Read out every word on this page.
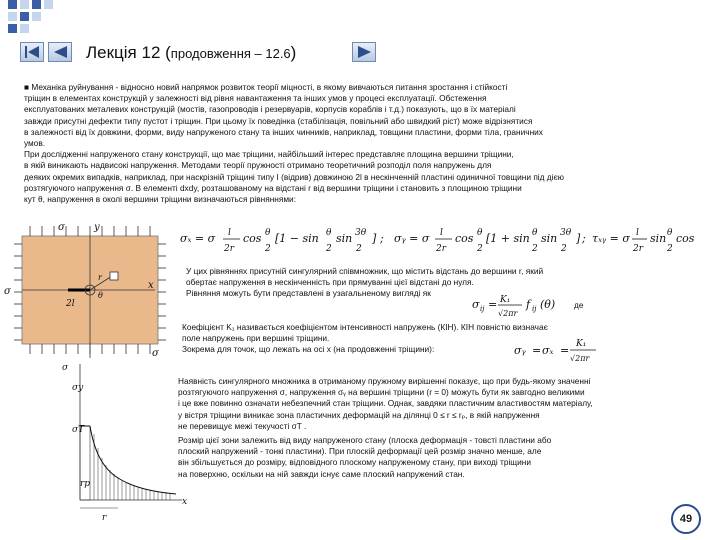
Лекція 12 (продовження – 12.6)
■ Механіка руйнування - відносно новий напрямок розвиток теорії міцності, в якому вивчаються питання зростання і стійкості
тріщин в елементах конструкцій у залежності від рівня навантаження та інших умов у процесі експлуатації. Обстеження
експлуатованих металевих конструкцій (мостів, газопроводів і резервуарів, корпусів кораблів і т.д.) показують, що в їх матеріалі
завжди присутні дефекти типу пустот і тріщин. При цьому їх поведінка (стабілізація, повільний або швидкий ріст) може відрізнятися
в залежності від їх довжини, форми, виду напруженого стану та інших чинників, наприклад, товщини пластини, форми тіла, граничних
умов.
При дослідженні напруженого стану конструкції, що має тріщини, найбільший інтерес представляє площина вершини тріщини,
в якій виникають надвисокі напруження. Методами теорії пружності отримано теоретичний розподіл поля напружень для
деяких окремих випадків, наприклад, при наскрізній тріщині типу I (відрив) довжиною 2l в нескінченній пластині одиничної товщини під дією
розтягуючого напруження σ. В елементі dxdy, розташованому на відстані r від вершини тріщини і становить з площиною тріщини
кут θ, напруження в околі вершини тріщини визначаються рівняннями:
σₓ = σ l
2r
cos θ
2
[1 − sin θ
2
sin 3θ
2
] ; σᵧ = σ l
2r
cos θ
2
[1 + sin θ
2
sin 3θ
2
] ; τₓᵧ = σ l
2r
sin θ
2
cos
σ	y
σ
x
r
θ
2l
σ
У цих рівняннях присутній сингулярний співмножник, що містить відстань до вершини r, який
обертає напруження в нескінченність при прямуванні цієї відстані до нуля.
Рівняння можуть бути представлені в узагальненому вигляді як
σ ij = K₁
√2πr
f ij (θ) де
Коефіцієнт K₁ називається коефіцієнтом інтенсивності напружень (КІН). КІН повністю визначає
поле напружень при вершині тріщини.
Зокрема для точок, що лежать на осі x (на продовженні тріщини):	σᵧ = σₓ = K₁
√2πr
σ
σy
σT
rp
x
r
Наявність сингулярного множника в отриманому пружному вирішенні показує, що при будь-якому значенні
розтягуючого напруження σ, напруження σᵧ на вершині тріщини (r = 0) можуть бути як завгодно великими
і це вже повинно означати небезпечний стан тріщини. Однак, завдяки пластичним властивостям матеріалу,
у вістря тріщини виникає зона пластичних деформацій на ділянці 0 ≤ r ≤ rₚ, в якій напруження
не перевищує межі текучості σT .
Розмір цієї зони залежить від виду напруженого стану (плоска деформація - товсті пластини або
плоский напружений - тонкі пластини). При плоскій деформації цей розмір значно менше, але
він збільшується до розміру, відповідного плоскому напруженому стану, при виході тріщини
на поверхню, оскільки на ній завжди існує саме плоский напружений стан.
49
